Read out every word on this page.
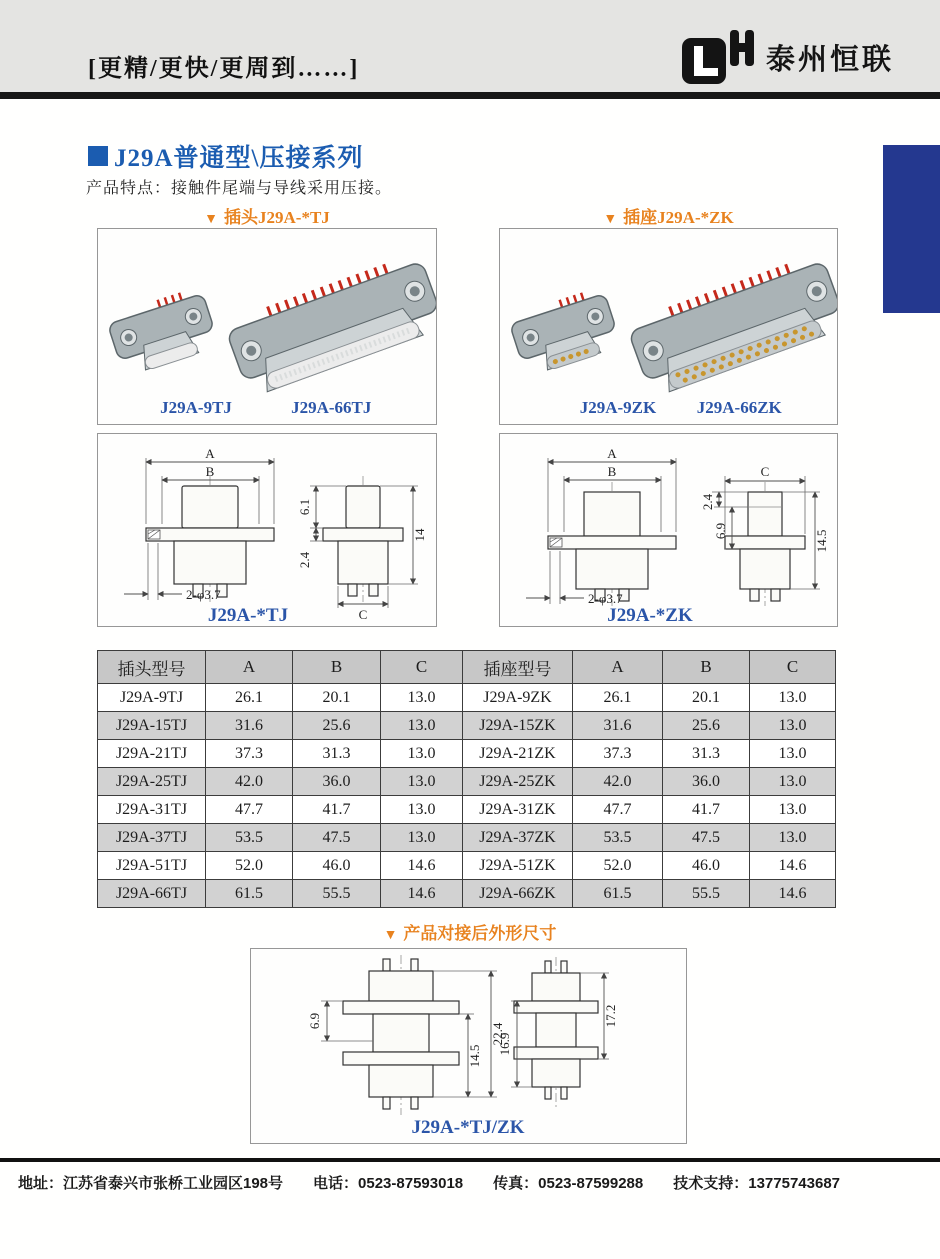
[更精/更快/更周到……]	泰州恒联
J29A普通型\压接系列
产品特点：接触件尾端与导线采用压接。
▼ 插头J29A-*TJ	▼ 插座J29A-*ZK
J29A-9TJ	J29A-66TJ	J29A-9ZK J29A-66ZK
A
B
2-φ3.7
6.1
2.4
14
C
J29A-*TJ
A
B
2-φ3.7
C
2.4
6.9	14.5
J29A-*ZK
插头型号	A	B	C	插座型号	A	B	C
J29A-9TJ	26.1	20.1	13.0	J29A-9ZK	26.1	20.1	13.0
J29A-15TJ	31.6	25.6	13.0	J29A-15ZK	31.6	25.6	13.0
J29A-21TJ	37.3	31.3	13.0	J29A-21ZK	37.3	31.3	13.0
J29A-25TJ	42.0	36.0	13.0	J29A-25ZK	42.0	36.0	13.0
J29A-31TJ	47.7	41.7	13.0	J29A-31ZK	47.7	41.7	13.0
J29A-37TJ	53.5	47.5	13.0	J29A-37ZK	53.5	47.5	13.0
J29A-51TJ	52.0	46.0	14.6	J29A-51ZK	52.0	46.0	14.6
J29A-66TJ	61.5	55.5	14.6	J29A-66ZK	61.5	55.5	14.6
▼ 产品对接后外形尺寸
6.9
14.5
22.4
16.9
17.2
J29A-*TJ/ZK
地址：江苏省泰兴市张桥工业园区198号 电话：0523-87593018 传真：0523-87599288 技术支持：13775743687
